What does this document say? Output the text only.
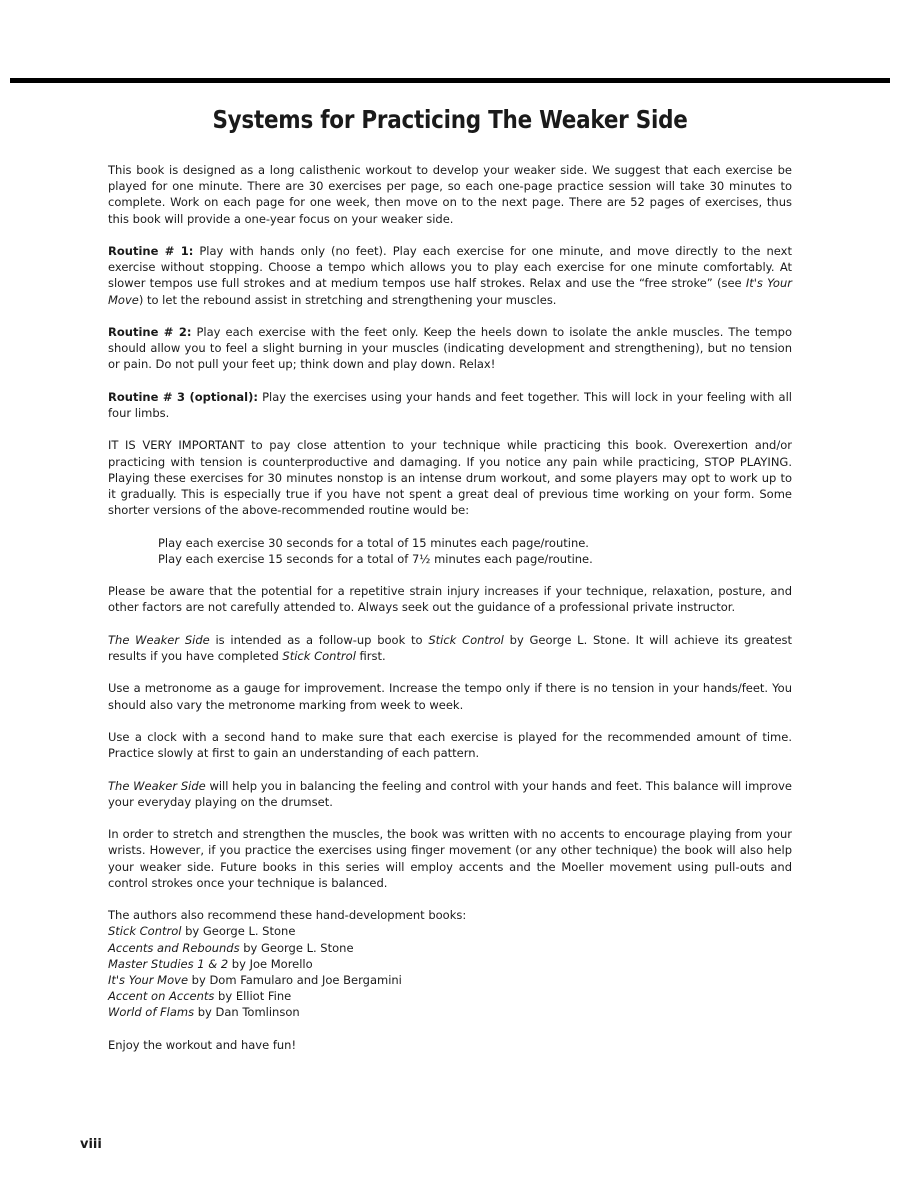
Systems for Practicing The Weaker Side

This book is designed as a long calisthenic workout to develop your weaker side. We suggest that each exercise be played for one minute. There are 30 exercises per page, so each one-page practice session will take 30 minutes to complete. Work on each page for one week, then move on to the next page. There are 52 pages of exercises, thus this book will provide a one-year focus on your weaker side.

Routine # 1: Play with hands only (no feet). Play each exercise for one minute, and move directly to the next exercise without stopping. Choose a tempo which allows you to play each exercise for one minute comfortably. At slower tempos use full strokes and at medium tempos use half strokes. Relax and use the “free stroke” (see It's Your Move) to let the rebound assist in stretching and strengthening your muscles.

Routine # 2: Play each exercise with the feet only. Keep the heels down to isolate the ankle muscles. The tempo should allow you to feel a slight burning in your muscles (indicating development and strengthening), but no tension or pain. Do not pull your feet up; think down and play down. Relax!

Routine # 3 (optional): Play the exercises using your hands and feet together. This will lock in your feeling with all four limbs.

IT IS VERY IMPORTANT to pay close attention to your technique while practicing this book. Overexertion and/or practicing with tension is counterproductive and damaging. If you notice any pain while practicing, STOP PLAYING. Playing these exercises for 30 minutes nonstop is an intense drum workout, and some players may opt to work up to it gradually. This is especially true if you have not spent a great deal of previous time working on your form. Some shorter versions of the above-recommended routine would be:

Play each exercise 30 seconds for a total of 15 minutes each page/routine.
Play each exercise 15 seconds for a total of 7½ minutes each page/routine.

Please be aware that the potential for a repetitive strain injury increases if your technique, relaxation, posture, and other factors are not carefully attended to. Always seek out the guidance of a professional private instructor.

The Weaker Side is intended as a follow-up book to Stick Control by George L. Stone. It will achieve its greatest results if you have completed Stick Control first.

Use a metronome as a gauge for improvement. Increase the tempo only if there is no tension in your hands/feet. You should also vary the metronome marking from week to week.

Use a clock with a second hand to make sure that each exercise is played for the recommended amount of time. Practice slowly at first to gain an understanding of each pattern.

The Weaker Side will help you in balancing the feeling and control with your hands and feet. This balance will improve your everyday playing on the drumset.

In order to stretch and strengthen the muscles, the book was written with no accents to encourage playing from your wrists. However, if you practice the exercises using finger movement (or any other technique) the book will also help your weaker side. Future books in this series will employ accents and the Moeller movement using pull-outs and control strokes once your technique is balanced.

The authors also recommend these hand-development books:
Stick Control by George L. Stone
Accents and Rebounds by George L. Stone
Master Studies 1 & 2 by Joe Morello
It's Your Move by Dom Famularo and Joe Bergamini
Accent on Accents by Elliot Fine
World of Flams by Dan Tomlinson

Enjoy the workout and have fun!

viii
